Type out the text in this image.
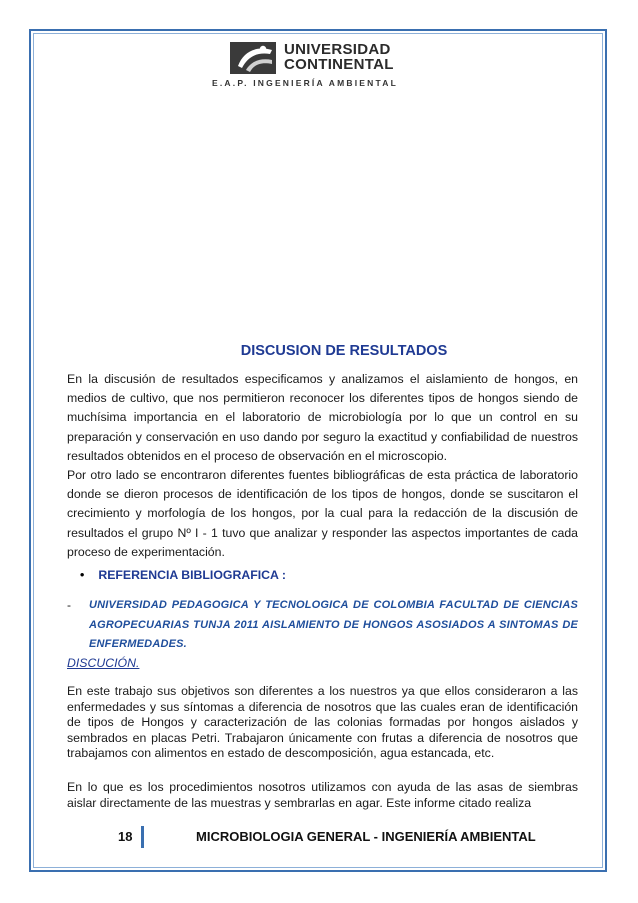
UNIVERSIDAD
CONTINENTAL
E.A.P. INGENIERÍA AMBIENTAL
DISCUSION DE RESULTADOS

En la discusión de resultados especificamos y analizamos el aislamiento de hongos, en medios de cultivo, que nos permitieron reconocer los diferentes tipos de hongos siendo de muchísima importancia en el laboratorio de microbiología por lo que un control en su preparación y conservación en uso dando por seguro la exactitud y confiabilidad de nuestros resultados obtenidos en el proceso de observación en el microscopio.

Por otro lado se encontraron diferentes fuentes bibliográficas de esta práctica de laboratorio donde se dieron procesos de identificación de los tipos de hongos, donde se suscitaron el crecimiento y morfología de los hongos, por la cual para la redacción de la discusión de resultados el grupo Nº I - 1 tuvo que analizar y responder las aspectos importantes de cada proceso de experimentación.

• REFERENCIA BIBLIOGRAFICA :
- UNIVERSIDAD PEDAGOGICA Y TECNOLOGICA DE COLOMBIA FACULTAD DE CIENCIAS AGROPECUARIAS TUNJA 2011 AISLAMIENTO DE HONGOS ASOSIADOS A SINTOMAS DE ENFERMEDADES.

DISCUCIÓN.

En este trabajo sus objetivos son diferentes a los nuestros ya que ellos consideraron a las enfermedades y sus síntomas a diferencia de nosotros que las cuales eran de identificación de tipos de Hongos y caracterización de las colonias formadas por hongos aislados y sembrados en placas Petri. Trabajaron únicamente con frutas a diferencia de nosotros que trabajamos con alimentos en estado de descomposición, agua estancada, etc.

En lo que es los procedimientos nosotros utilizamos con ayuda de las asas de siembras aislar directamente de las muestras y sembrarlas en agar. Este informe citado realiza

18	MICROBIOLOGIA GENERAL - INGENIERÍA AMBIENTAL
